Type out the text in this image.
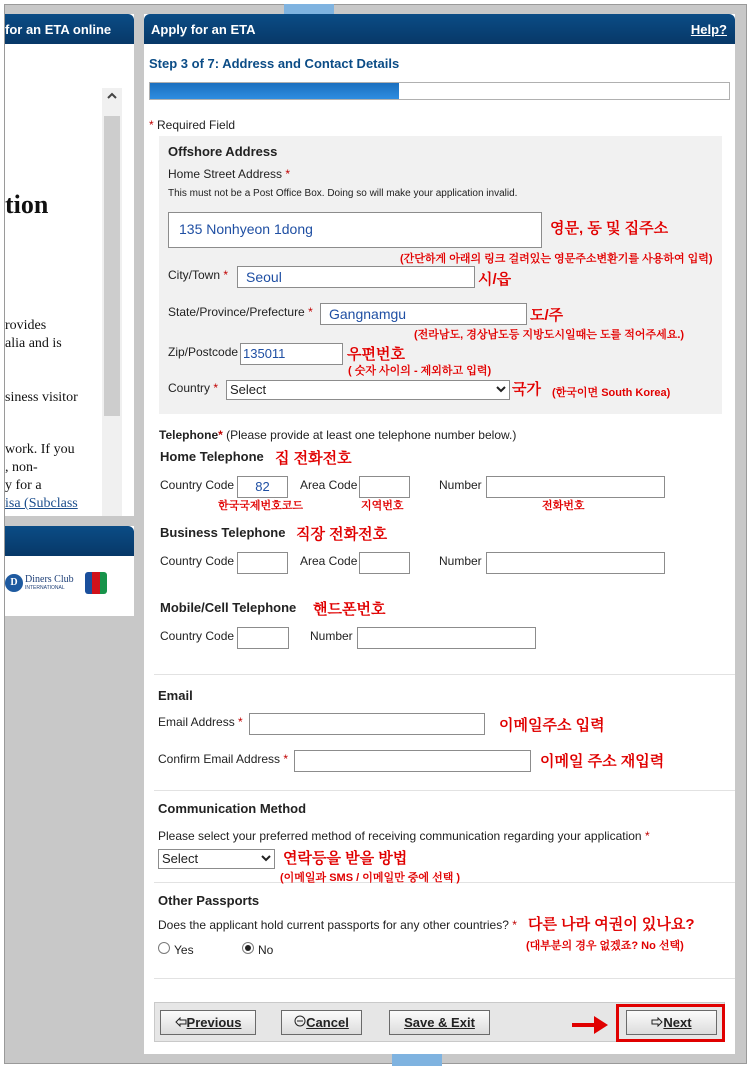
for an ETA online
tion
rovides
alia and is
siness visitor
work. If you
, non-
y for a
isa (Subclass
D Diners Club
INTERNATIONAL
Apply for an ETA	Help?
Step 3 of 7: Address and Contact Details
* Required Field
Offshore Address
Home Street Address *
This must not be a Post Office Box. Doing so will make your application invalid.
135 Nonhyeon 1dong
City/Town *	Seoul
State/Province/Prefecture *	Gangnamgu
Zip/Postcode 135011
Country * Select
Telephone* (Please provide at least one telephone number below.)
Home Telephone
Country Code	82	Area Code	Number
Business Telephone
Country Code	Area Code	Number
Mobile/Cell Telephone
Country Code	Number
Email
Email Address *
Confirm Email Address *
Communication Method
Please select your preferred method of receiving communication regarding your application *
Select
Other Passports
Does the applicant hold current passports for any other countries? *
Yes	No
Previous	Cancel	Save & Exit	Next
영문, 동 및 집주소
(간단하게 아래의 링크 걸려있는 영문주소변환기를 사용하여 입력)
시/읍
도/주
(전라남도, 경상남도등 지방도시일때는 도를 적어주세요.)
우편번호
( 숫자 사이의 - 제외하고 입력)
국가 (한국이면 South Korea)
집 전화전호
한국국제번호코드	지역번호	전화번호
직장 전화전호
핸드폰번호
이메일주소 입력
이메일 주소 재입력
연락등을 받을 방법
(이메일과 SMS / 이메일만 중에 선택 )
다른 나라 여권이 있나요?
(대부분의 경우 없겠죠? No 선택)
